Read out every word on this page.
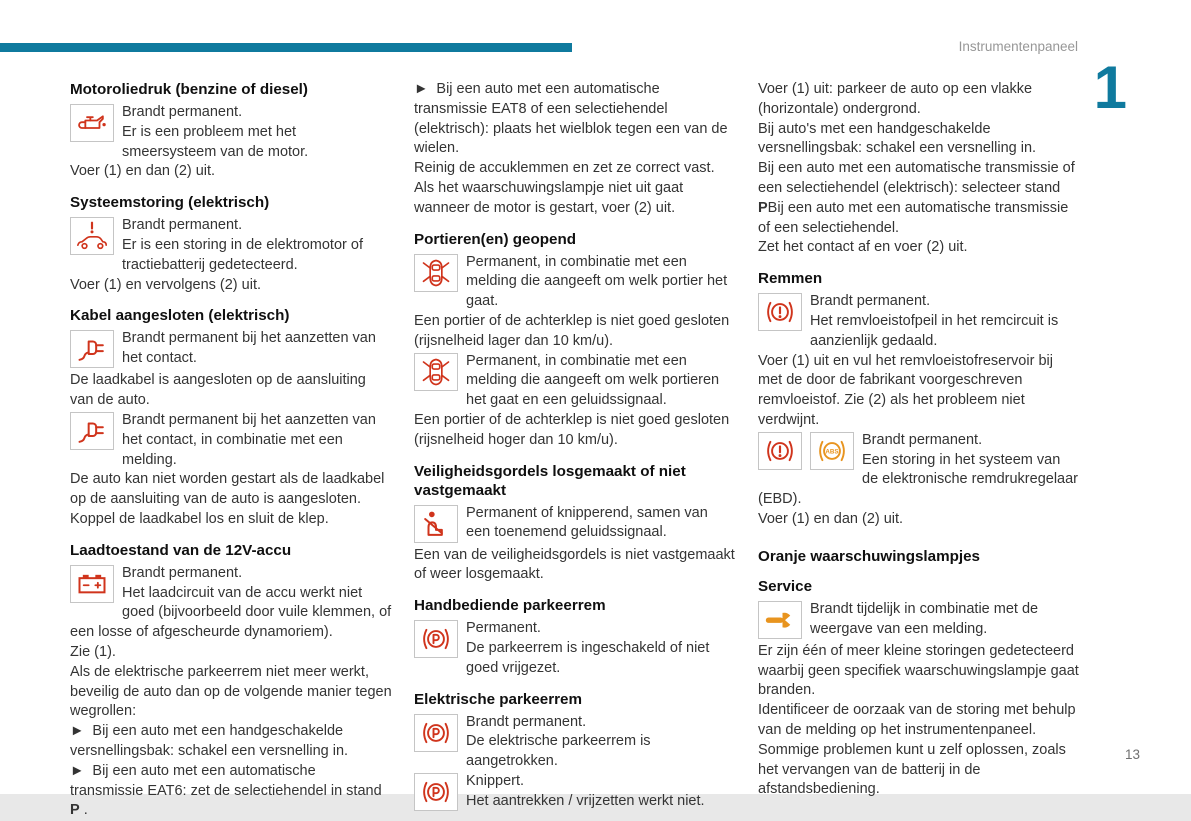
Instrumentenpaneel
1
Motoroliedruk (benzine of diesel)
Brandt permanent.
Er is een probleem met het smeersysteem van de motor.
Voer (1) en dan (2) uit.
Systeemstoring (elektrisch)
Brandt permanent.
Er is een storing in de elektromotor of tractiebatterij gedetecteerd.
Voer (1) en vervolgens (2) uit.
Kabel aangesloten (elektrisch)
Brandt permanent bij het aanzetten van het contact.
De laadkabel is aangesloten op de aansluiting van de auto.
Brandt permanent bij het aanzetten van het contact, in combinatie met een melding.
De auto kan niet worden gestart als de laadkabel op de aansluiting van de auto is aangesloten.
Koppel de laadkabel los en sluit de klep.
Laadtoestand van de 12V-accu
Brandt permanent.
Het laadcircuit van de accu werkt niet goed (bijvoorbeeld door vuile klemmen, of een losse of afgescheurde dynamoriem).
Zie (1).
Als de elektrische parkeerrem niet meer werkt, beveilig de auto dan op de volgende manier tegen wegrollen:
►  Bij een auto met een handgeschakelde versnellingsbak: schakel een versnelling in.
►  Bij een auto met een automatische transmissie EAT6: zet de selectiehendel in stand P .
►  Bij een auto met een automatische transmissie EAT8 of een selectiehendel (elektrisch): plaats het wielblok tegen een van de wielen.
Reinig de accuklemmen en zet ze correct vast. Als het waarschuwingslampje niet uit gaat wanneer de motor is gestart, voer (2) uit.
Portieren(en) geopend
Permanent, in combinatie met een melding die aangeeft om welk portier het gaat.
Een portier of de achterklep is niet goed gesloten (rijsnelheid lager dan 10 km/u).
Permanent, in combinatie met een melding die aangeeft om welk portieren het gaat en een geluidssignaal.
Een portier of de achterklep is niet goed gesloten (rijsnelheid hoger dan 10 km/u).
Veiligheidsgordels losgemaakt of niet vastgemaakt
Permanent of knipperend, samen van een toenemend geluidssignaal.
Een van de veiligheidsgordels is niet vastgemaakt of weer losgemaakt.
Handbediende parkeerrem
Permanent.
De parkeerrem is ingeschakeld of niet goed vrijgezet.
Elektrische parkeerrem
Brandt permanent.
De elektrische parkeerrem is aangetrokken.
Knippert.
Het aantrekken / vrijzetten werkt niet.
Voer (1) uit: parkeer de auto op een vlakke (horizontale) ondergrond.
Bij auto's met een handgeschakelde versnellingsbak: schakel een versnelling in.
Bij een auto met een automatische transmissie of een selectiehendel (elektrisch): selecteer stand PBij een auto met een automatische transmissie of een selectiehendel.
Zet het contact af en voer (2) uit.
Remmen
Brandt permanent.
Het remvloeistofpeil in het remcircuit is aanzienlijk gedaald.
Voer (1) uit en vul het remvloeistofreservoir bij met de door de fabrikant voorgeschreven remvloeistof. Zie (2) als het probleem niet verdwijnt.
ABS
Brandt permanent.
Een storing in het systeem van de elektronische remdrukregelaar (EBD).
Voer (1) en dan (2) uit.
Oranje waarschuwingslampjes
Service
Brandt tijdelijk in combinatie met de weergave van een melding.
Er zijn één of meer kleine storingen gedetecteerd waarbij geen specifiek waarschuwingslampje gaat branden.
Identificeer de oorzaak van de storing met behulp van de melding op het instrumentenpaneel.
Sommige problemen kunt u zelf oplossen, zoals het vervangen van de batterij in de afstandsbediening.
13
